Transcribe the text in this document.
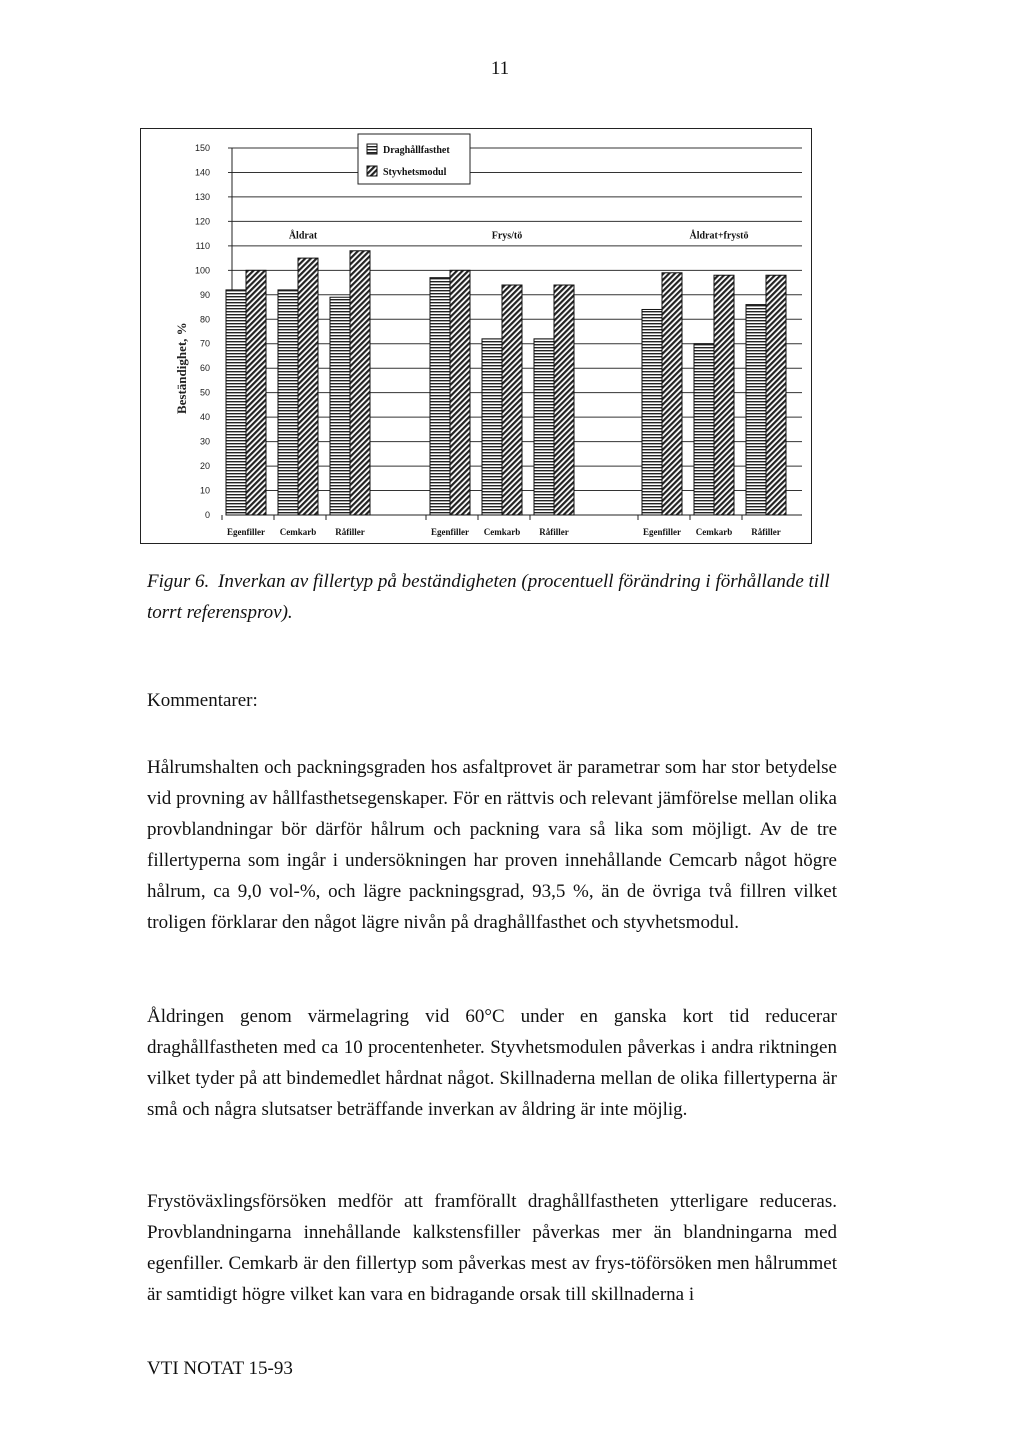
11
0
10
20
30
40
50
60
70
80
90
100
110
120
130
140
150
Beständighet, %
Egenfiller Cemkarb Råfiller	Egenfiller Cemkarb Råfiller	Egenfiller Cemkarb Råfiller
Åldrat	Frys/tö	Åldrat+frystö
Draghållfasthet
Styvhetsmodul
Figur 6. Inverkan av fillertyp på beständigheten (procentuell förändring i förhållande till torrt referensprov).
Kommentarer:

Hålrumshalten och packningsgraden hos asfaltprovet är parametrar som har stor betydelse vid provning av hållfasthetsegenskaper. För en rättvis och relevant jämförelse mellan olika provblandningar bör därför hålrum och packning vara så lika som möjligt. Av de tre fillertyperna som ingår i undersökningen har proven innehållande Cemcarb något högre hålrum, ca 9,0 vol-%, och lägre packningsgrad, 93,5 %, än de övriga två fillren vilket troligen förklarar den något lägre nivån på draghållfasthet och styvhetsmodul.

Åldringen genom värmelagring vid 60°C under en ganska kort tid reducerar draghållfastheten med ca 10 procentenheter. Styvhetsmodulen påverkas i andra riktningen vilket tyder på att bindemedlet hårdnat något. Skillnaderna mellan de olika fillertyperna är små och några slutsatser beträffande inverkan av åldring är inte möjlig.

Frystöväxlingsförsöken medför att framförallt draghållfastheten ytterligare reduceras. Provblandningarna innehållande kalkstensfiller påverkas mer än blandningarna med egenfiller. Cemkarb är den fillertyp som påverkas mest av frys-töförsöken men hålrummet är samtidigt högre vilket kan vara en bidragande orsak till skillnaderna i

VTI NOTAT 15-93
